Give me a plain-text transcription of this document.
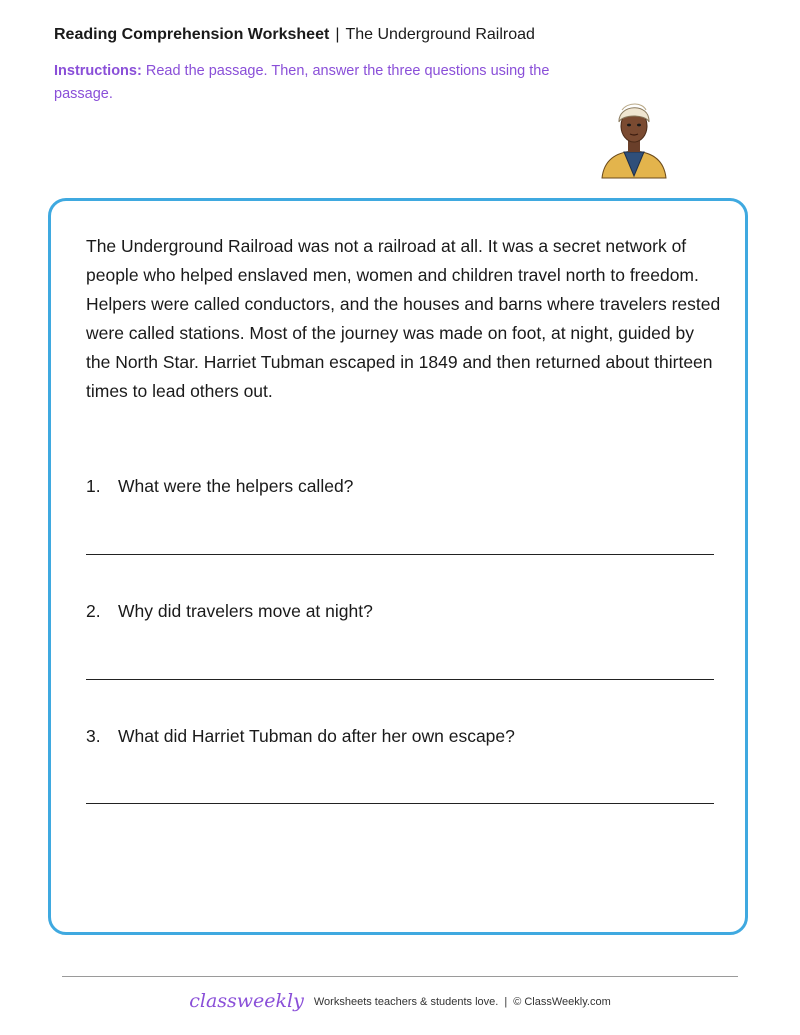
Reading Comprehension Worksheet | The Underground Railroad
Instructions: Read the passage. Then, answer the three questions using the passage.
The Underground Railroad was not a railroad at all. It was a secret network of people who helped enslaved men, women and children travel north to freedom. Helpers were called conductors, and the houses and barns where travelers rested were called stations. Most of the journey was made on foot, at night, guided by the North Star. Harriet Tubman escaped in 1849 and then returned about thirteen times to lead others out.
1. What were the helpers called?
2. Why did travelers move at night?
3. What did Harriet Tubman do after her own escape?
classweekly Worksheets teachers & students love. | © ClassWeekly.com
